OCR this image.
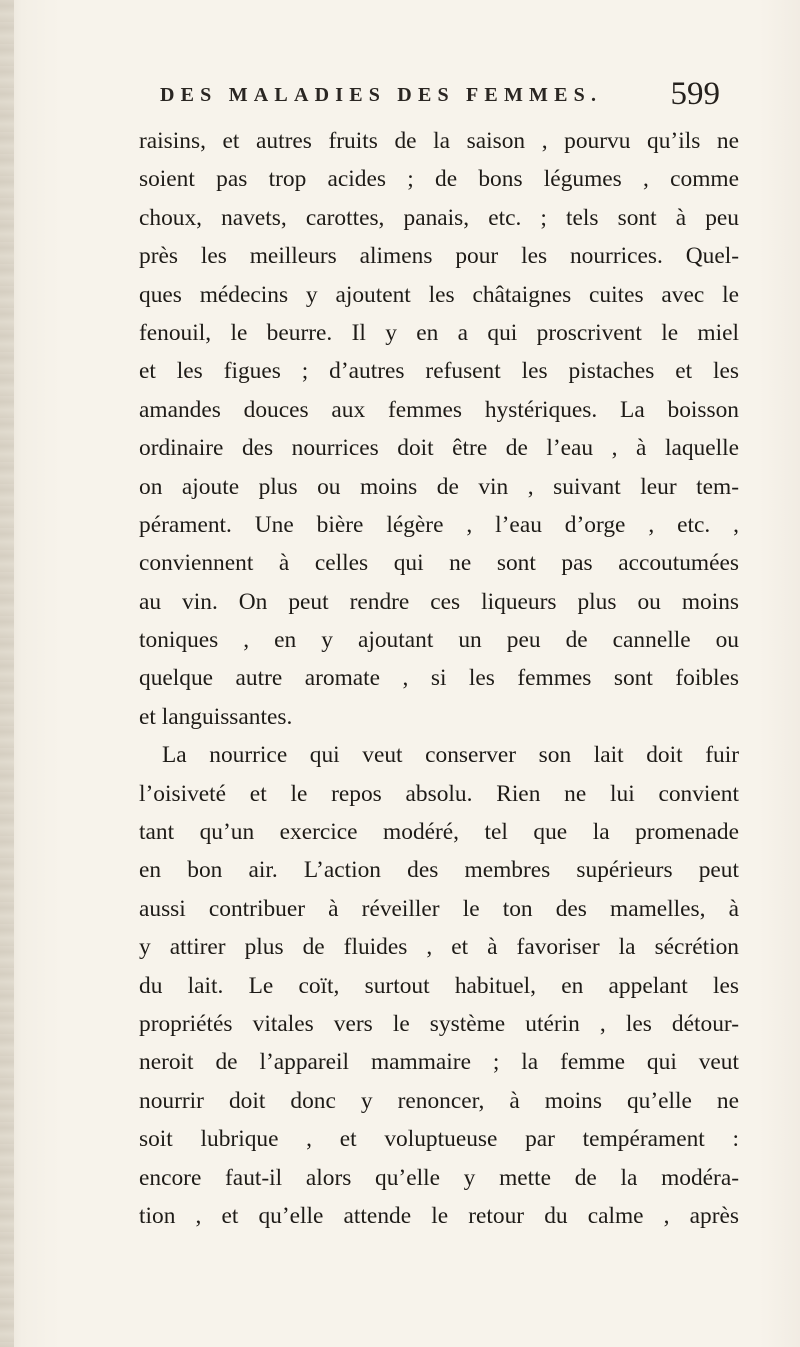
DES MALADIES DES FEMMES. 599
raisins, et autres fruits de la saison , pourvu qu’ils ne
soient pas trop acides ; de bons légumes , comme
choux, navets, carottes, panais, etc. ; tels sont à peu
près les meilleurs alimens pour les nourrices. Quel-
ques médecins y ajoutent les châtaignes cuites avec le
fenouil, le beurre. Il y en a qui proscrivent le miel
et les figues ; d’autres refusent les pistaches et les
amandes douces aux femmes hystériques. La boisson
ordinaire des nourrices doit être de l’eau , à laquelle
on ajoute plus ou moins de vin , suivant leur tem-
pérament. Une bière légère , l’eau d’orge , etc. ,
conviennent à celles qui ne sont pas accoutumées
au vin. On peut rendre ces liqueurs plus ou moins
toniques , en y ajoutant un peu de cannelle ou
quelque autre aromate , si les femmes sont foibles
et languissantes.
La nourrice qui veut conserver son lait doit fuir
l’oisiveté et le repos absolu. Rien ne lui convient
tant qu’un exercice modéré, tel que la promenade
en bon air. L’action des membres supérieurs peut
aussi contribuer à réveiller le ton des mamelles, à
y attirer plus de fluides , et à favoriser la sécrétion
du lait. Le coït, surtout habituel, en appelant les
propriétés vitales vers le système utérin , les détour-
neroit de l’appareil mammaire ; la femme qui veut
nourrir doit donc y renoncer, à moins qu’elle ne
soit lubrique , et voluptueuse par tempérament :
encore faut-il alors qu’elle y mette de la modéra-
tion , et qu’elle attende le retour du calme , après
